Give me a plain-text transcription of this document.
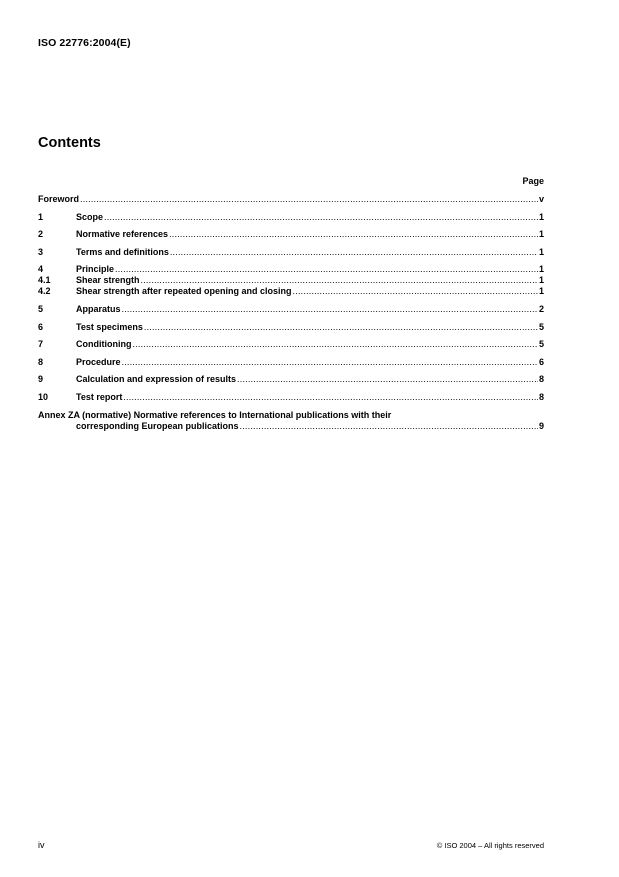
ISO 22776:2004(E)
Contents
Page
Foreword .....	v
1	Scope .....	1
2	Normative references .....	1
3	Terms and definitions .....	1
4	Principle .....	1
4.1	Shear strength .....	1
4.2	Shear strength after repeated opening and closing .....	1
5	Apparatus .....	2
6	Test specimens .....	5
7	Conditioning .....	5
8	Procedure .....	6
9	Calculation and expression of results .....	8
10	Test report .....	8
Annex ZA (normative) Normative references to International publications with their
corresponding European publications .....	9
iv	© ISO 2004 – All rights reserved
